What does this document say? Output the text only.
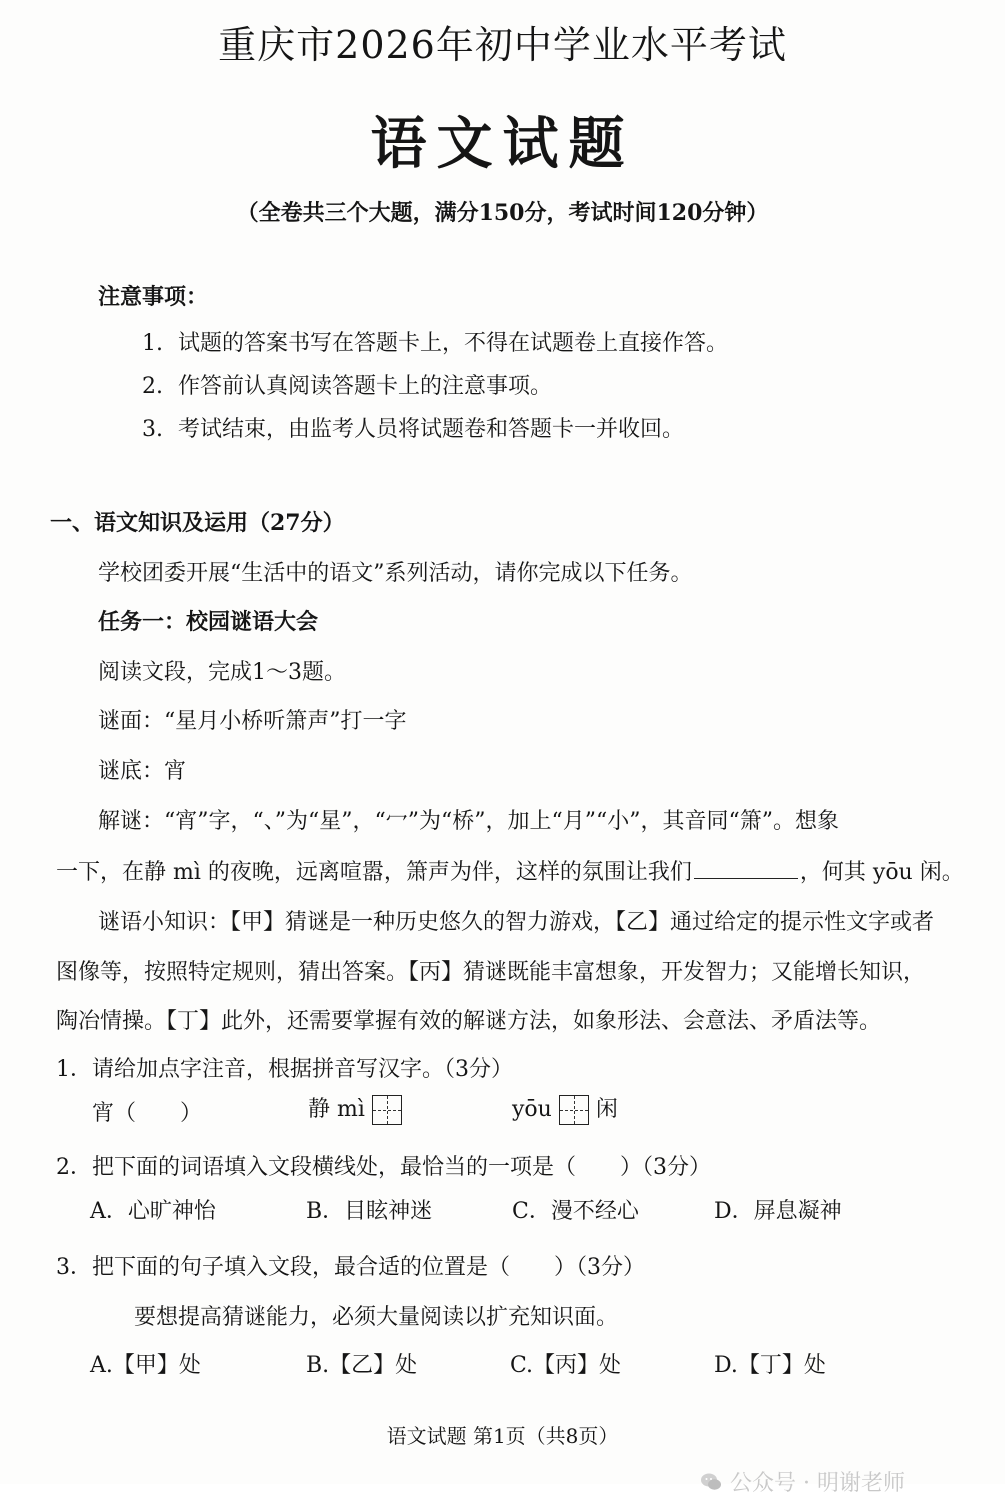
重庆市2026年初中学业水平考试
语文试题
（全卷共三个大题，满分150分，考试时间120分钟）
注意事项：
1. 试题的答案书写在答题卡上，不得在试题卷上直接作答。
2. 作答前认真阅读答题卡上的注意事项。
3. 考试结束，由监考人员将试题卷和答题卡一并收回。
一、语文知识及运用（27分）
学校团委开展“生活中的语文”系列活动，请你完成以下任务。
任务一：校园谜语大会
阅读文段，完成1～3题。
谜面：“星月小桥听箫声”打一字
谜底：宵
解谜：“宵”字，“、”为“星”，“冖”为“桥”，加上“月”“小”，其音同“箫”。想象
一下，在静 mì 的夜晚，远离喧嚣，箫声为伴，这样的氛围让我们	，何其 yōu 闲。
谜语小知识：【甲】猜谜是一种历史悠久的智力游戏，【乙】通过给定的提示性文字或者
图像等，按照特定规则，猜出答案。【丙】猜谜既能丰富想象，开发智力；又能增长知识，
陶冶情操。【丁】此外，还需要掌握有效的解谜方法，如象形法、会意法、矛盾法等。
1．请给加点字注音，根据拼音写汉字。（3分）
宵（　　）	静 mì	yōu 闲
2．把下面的词语填入文段横线处，最恰当的一项是（　　）（3分）
A．心旷神怡	B．目眩神迷	C．漫不经心	D．屏息凝神
3．把下面的句子填入文段，最合适的位置是（　　）（3分）
要想提高猜谜能力，必须大量阅读以扩充知识面。
A.【甲】处	B.【乙】处	C.【丙】处	D.【丁】处
语文试题 第1页（共8页）
公众号 · 明谢老师
